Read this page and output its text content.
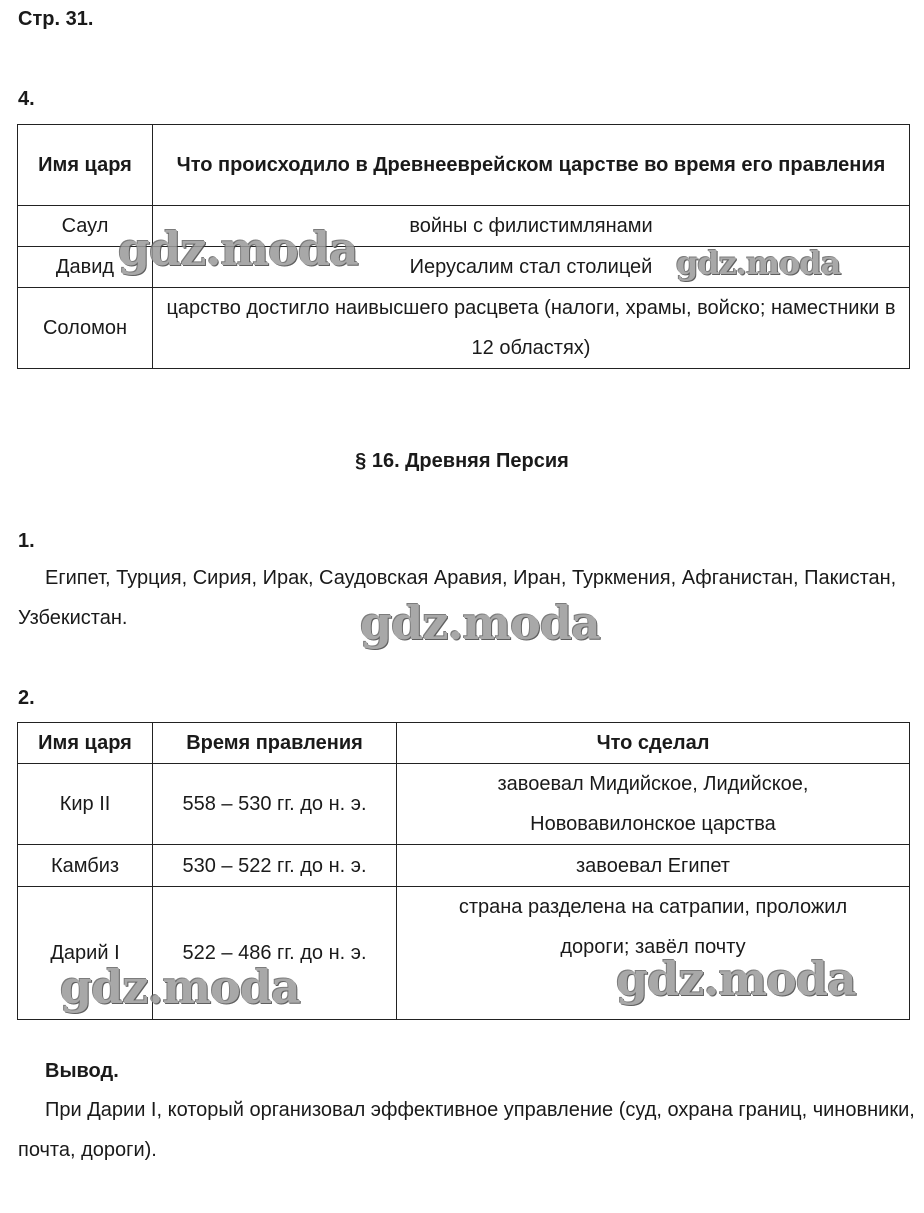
Стр. 31.
4.
Имя царя	Что происходило в Древнееврейском царстве во время его правления
Саул	войны с филистимлянами
Давид	Иерусалим стал столицей
Соломон	царство достигло наивысшего расцвета (налоги, храмы, войско; наместники в 12 областях)
§ 16. Древняя Персия
1.
Египет, Турция, Сирия, Ирак, Саудовская Аравия, Иран, Туркмения, Афганистан, Пакистан, Узбекистан.
2.
Имя царя	Время правления	Что сделал
Кир II	558 – 530 гг. до н. э.	завоевал Мидийское, Лидийское, Нововавилонское царства
Камбиз	530 – 522 гг. до н. э.	завоевал Египет
Дарий I	522 – 486 гг. до н. э.	страна разделена на сатрапии, проложил дороги; завёл почту
Вывод.
При Дарии I, который организовал эффективное управление (суд, охрана границ, чиновники, почта, дороги).
gdz.moda	gdz.moda
gdz.moda
gdz.moda	gdz.moda
